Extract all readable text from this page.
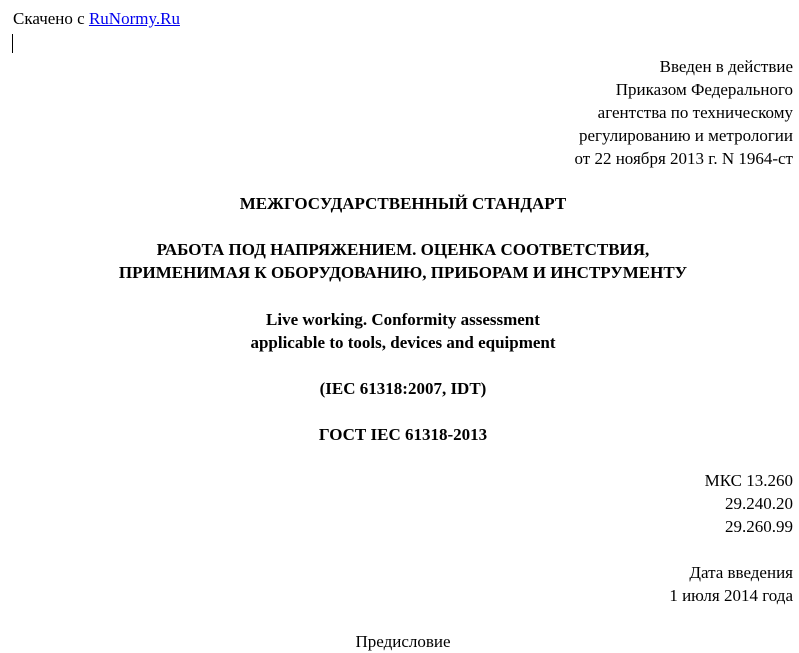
Скачено с RuNormy.Ru
Введен в действие
Приказом Федерального
агентства по техническому
регулированию и метрологии
от 22 ноября 2013 г. N 1964-ст
МЕЖГОСУДАРСТВЕННЫЙ СТАНДАРТ
РАБОТА ПОД НАПРЯЖЕНИЕМ. ОЦЕНКА СООТВЕТСТВИЯ,
ПРИМЕНИМАЯ К ОБОРУДОВАНИЮ, ПРИБОРАМ И ИНСТРУМЕНТУ
Live working. Conformity assessment
applicable to tools, devices and equipment
(IEC 61318:2007, IDT)
ГОСТ IEC 61318-2013
МКС 13.260
29.240.20
29.260.99
Дата введения
1 июля 2014 года
Предисловие
